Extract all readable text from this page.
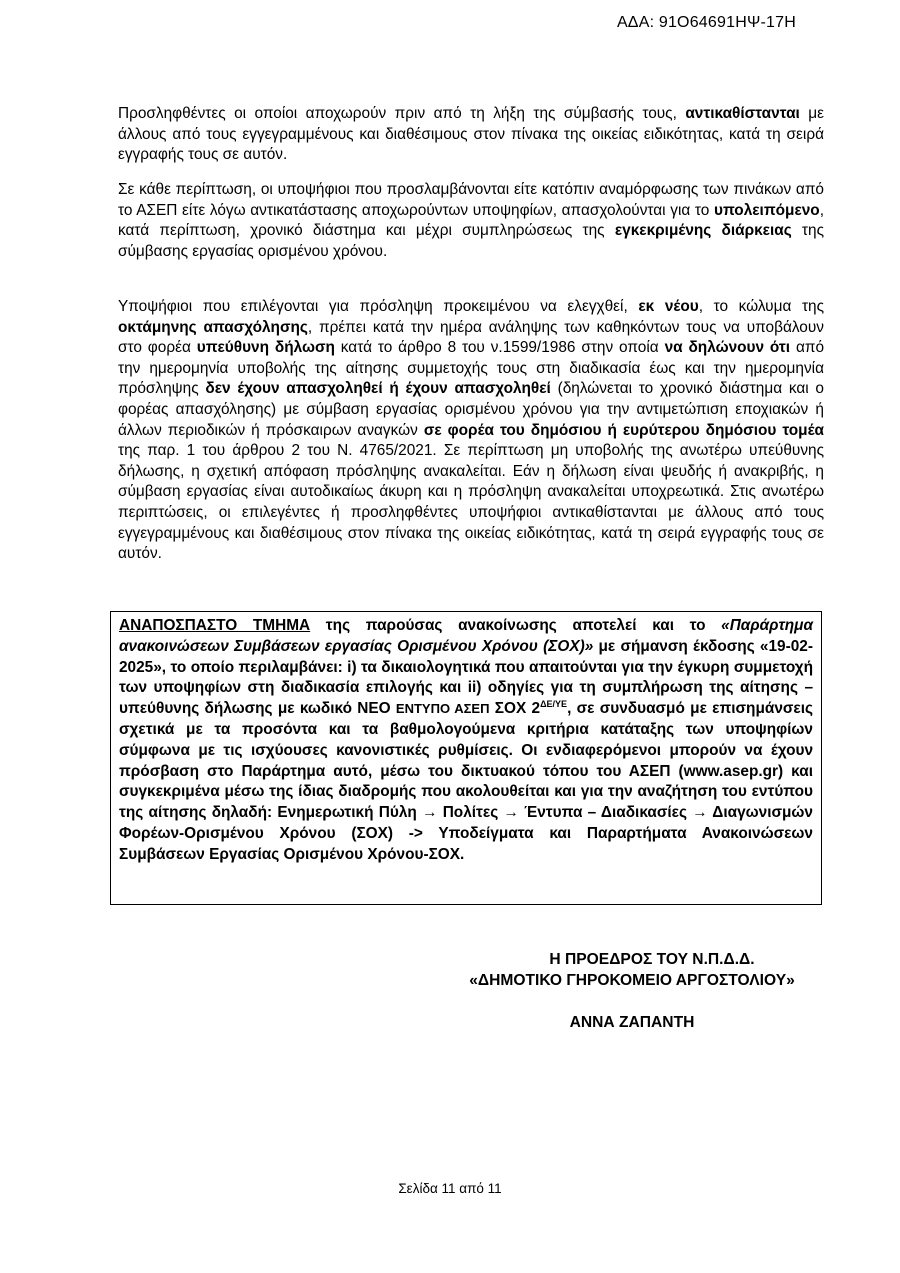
ΑΔΑ: 91Ο64691ΗΨ-17Η
Προσληφθέντες οι οποίοι αποχωρούν πριν από τη λήξη της σύμβασής τους, αντικαθίστανται με άλλους από τους εγγεγραμμένους και διαθέσιμους στον πίνακα της οικείας ειδικότητας, κατά τη σειρά εγγραφής τους σε αυτόν.
Σε κάθε περίπτωση, οι υποψήφιοι που προσλαμβάνονται είτε κατόπιν αναμόρφωσης των πινάκων από το ΑΣΕΠ είτε λόγω αντικατάστασης αποχωρούντων υποψηφίων, απασχολούνται για το υπολειπόμενο, κατά περίπτωση, χρονικό διάστημα και μέχρι συμπληρώσεως της εγκεκριμένης διάρκειας της σύμβασης εργασίας ορισμένου χρόνου.
Υποψήφιοι που επιλέγονται για πρόσληψη προκειμένου να ελεγχθεί, εκ νέου, το κώλυμα της οκτάμηνης απασχόλησης, πρέπει κατά την ημέρα ανάληψης των καθηκόντων τους να υποβάλουν στο φορέα υπεύθυνη δήλωση κατά το άρθρο 8 του ν.1599/1986 στην οποία να δηλώνουν ότι από την ημερομηνία υποβολής της αίτησης συμμετοχής τους στη διαδικασία έως και την ημερομηνία πρόσληψης δεν έχουν απασχοληθεί ή έχουν απασχοληθεί (δηλώνεται το χρονικό διάστημα και ο φορέας απασχόλησης) με σύμβαση εργασίας ορισμένου χρόνου για την αντιμετώπιση εποχιακών ή άλλων περιοδικών ή πρόσκαιρων αναγκών σε φορέα του δημόσιου ή ευρύτερου δημόσιου τομέα της παρ. 1 του άρθρου 2 του Ν. 4765/2021. Σε περίπτωση μη υποβολής της ανωτέρω υπεύθυνης δήλωσης, η σχετική απόφαση πρόσληψης ανακαλείται. Εάν η δήλωση είναι ψευδής ή ανακριβής, η σύμβαση εργασίας είναι αυτοδικαίως άκυρη και η πρόσληψη ανακαλείται υποχρεωτικά. Στις ανωτέρω περιπτώσεις, οι επιλεγέντες ή προσληφθέντες υποψήφιοι αντικαθίστανται με άλλους από τους εγγεγραμμένους και διαθέσιμους στον πίνακα της οικείας ειδικότητας, κατά τη σειρά εγγραφής τους σε αυτόν.
ΑΝΑΠΟΣΠΑΣΤΟ ΤΜΗΜΑ της παρούσας ανακοίνωσης αποτελεί και το «Παράρτημα ανακοινώσεων Συμβάσεων εργασίας Ορισμένου Χρόνου (ΣΟΧ)» με σήμανση έκδοσης «19-02-2025», το οποίο περιλαμβάνει: i) τα δικαιολογητικά που απαιτούνται για την έγκυρη συμμετοχή των υποψηφίων στη διαδικασία επιλογής και ii) οδηγίες για τη συμπλήρωση της αίτησης – υπεύθυνης δήλωσης με κωδικό ΝΕΟ ΕΝΤΥΠΟ ΑΣΕΠ ΣΟΧ $2^{\Delta E/\Upsilon E}$, σε συνδυασμό με επισημάνσεις σχετικά με τα προσόντα και τα βαθμολογούμενα κριτήρια κατάταξης των υποψηφίων σύμφωνα με τις ισχύουσες κανονιστικές ρυθμίσεις. Οι ενδιαφερόμενοι μπορούν να έχουν πρόσβαση στο Παράρτημα αυτό, μέσω του δικτυακού τόπου του ΑΣΕΠ (www.asep.gr) και συγκεκριμένα μέσω της ίδιας διαδρομής που ακολουθείται και για την αναζήτηση του εντύπου της αίτησης δηλαδή: Ενημερωτική Πύλη → Πολίτες → Έντυπα – Διαδικασίες → Διαγωνισμών Φορέων-Ορισμένου Χρόνου (ΣΟΧ) -> Υποδείγματα και Παραρτήματα Ανακοινώσεων Συμβάσεων Εργασίας Ορισμένου Χρόνου-ΣΟΧ.
Η ΠΡΟΕΔΡΟΣ ΤΟΥ Ν.Π.Δ.Δ.
«ΔΗΜΟΤΙΚΟ ΓΗΡΟΚΟΜΕΙΟ ΑΡΓΟΣΤΟΛΙΟΥ»
ΑΝΝΑ ΖΑΠΑΝΤΗ
Σελίδα 11 από 11
